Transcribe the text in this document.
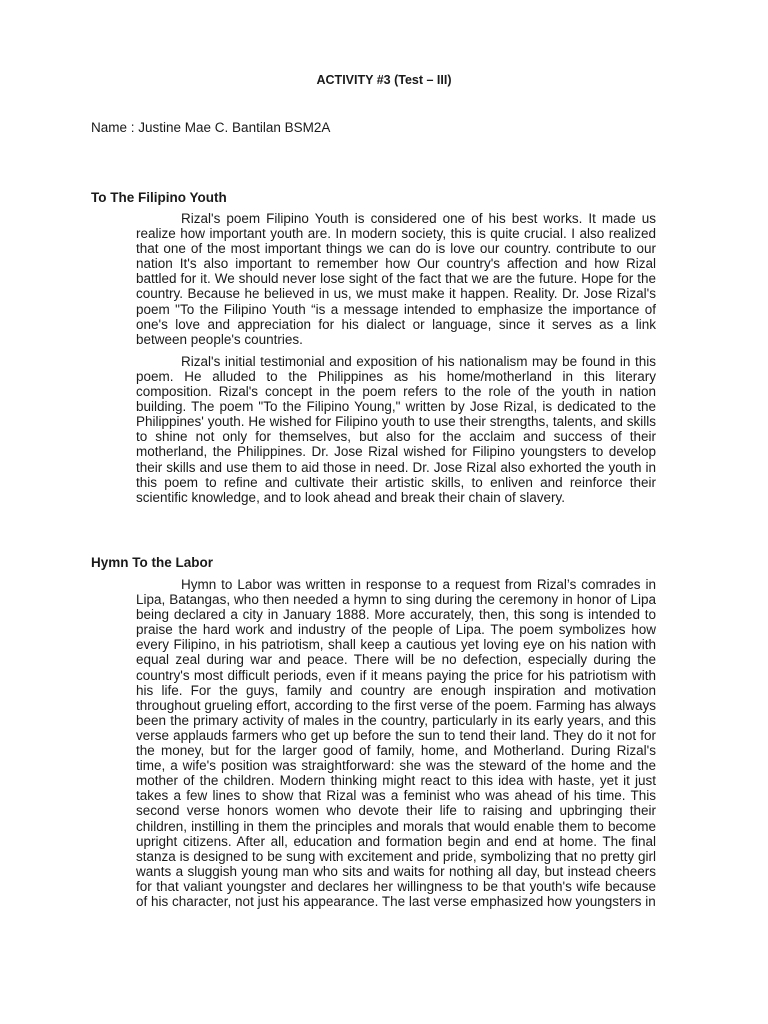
ACTIVITY #3 (Test – III)
Name : Justine Mae C. Bantilan BSM2A
To The Filipino Youth

Rizal's poem Filipino Youth is considered one of his best works. It made us realize how important youth are. In modern society, this is quite crucial. I also realized that one of the most important things we can do is love our country. contribute to our nation It's also important to remember how Our country's affection and how Rizal battled for it. We should never lose sight of the fact that we are the future. Hope for the country. Because he believed in us, we must make it happen. Reality. Dr. Jose Rizal's poem "To the Filipino Youth “is a message intended to emphasize the importance of one's love and appreciation for his dialect or language, since it serves as a link between people's countries.

Rizal's initial testimonial and exposition of his nationalism may be found in this poem. He alluded to the Philippines as his home/motherland in this literary composition. Rizal's concept in the poem refers to the role of the youth in nation building. The poem "To the Filipino Young," written by Jose Rizal, is dedicated to the Philippines' youth. He wished for Filipino youth to use their strengths, talents, and skills to shine not only for themselves, but also for the acclaim and success of their motherland, the Philippines. Dr. Jose Rizal wished for Filipino youngsters to develop their skills and use them to aid those in need. Dr. Jose Rizal also exhorted the youth in this poem to refine and cultivate their artistic skills, to enliven and reinforce their scientific knowledge, and to look ahead and break their chain of slavery.

Hymn To the Labor

Hymn to Labor was written in response to a request from Rizal’s comrades in Lipa, Batangas, who then needed a hymn to sing during the ceremony in honor of Lipa being declared a city in January 1888. More accurately, then, this song is intended to praise the hard work and industry of the people of Lipa. The poem symbolizes how every Filipino, in his patriotism, shall keep a cautious yet loving eye on his nation with equal zeal during war and peace. There will be no defection, especially during the country's most difficult periods, even if it means paying the price for his patriotism with his life. For the guys, family and country are enough inspiration and motivation throughout grueling effort, according to the first verse of the poem. Farming has always been the primary activity of males in the country, particularly in its early years, and this verse applauds farmers who get up before the sun to tend their land. They do it not for the money, but for the larger good of family, home, and Motherland. During Rizal's time, a wife's position was straightforward: she was the steward of the home and the mother of the children. Modern thinking might react to this idea with haste, yet it just takes a few lines to show that Rizal was a feminist who was ahead of his time. This second verse honors women who devote their life to raising and upbringing their children, instilling in them the principles and morals that would enable them to become upright citizens. After all, education and formation begin and end at home. The final stanza is designed to be sung with excitement and pride, symbolizing that no pretty girl wants a sluggish young man who sits and waits for nothing all day, but instead cheers for that valiant youngster and declares her willingness to be that youth's wife because of his character, not just his appearance. The last verse emphasized how youngsters in
